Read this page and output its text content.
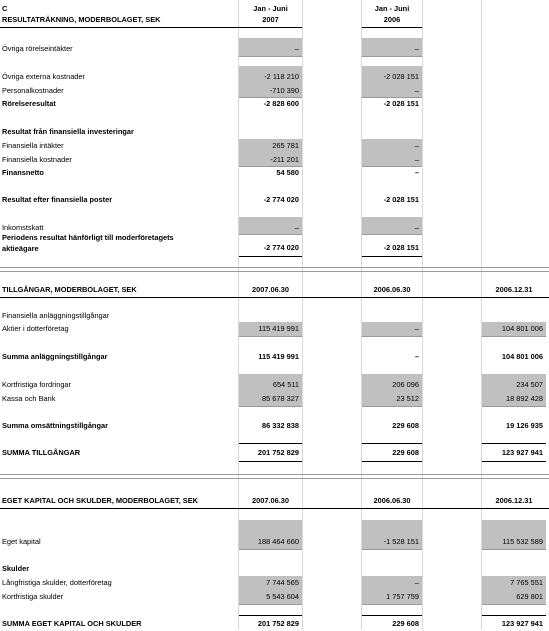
C	Jan - Juni	Jan - Juni
RESULTATRÄKNING, MODERBOLAGET, SEK	2007	2006
Övriga rörelseintäkter	–	–
Övriga externa kostnader	-2 118 210	-2 028 151
Personalkostnader	-710 390	–
Rörelseresultat	-2 828 600	-2 028 151
Resultat från finansiella investeringar
Finansiella intäkter	265 781	–
Finansiella kostnader	-211 201	–
Finansnetto	54 580	–
Resultat efter finansiella poster	-2 774 020	-2 028 151
Inkomstskatt	–	–
Periodens resultat hänförligt till moderföretagets
aktieägare	-2 774 020	-2 028 151
TILLGÅNGAR, MODERBOLAGET, SEK	2007.06.30	2006.06.30	2006.12.31
Finansiella anläggningstillgångar
Aktier i dotterföretag	115 419 991	–	104 801 006
Summa anläggningstillgångar	115 419 991	–	104 801 006
Kortfristiga fordringar	654 511	206 096	234 507
Kassa och Bank	85 678 327	23 512	18 892 428
Summa omsättningstillgångar	86 332 838	229 608	19 126 935
SUMMA TILLGÅNGAR	201 752 829	229 608	123 927 941
EGET KAPITAL OCH SKULDER, MODERBOLAGET, SEK	2007.06.30	2006.06.30	2006.12.31
Eget kapital	188 464 660	-1 528 151	115 532 589
Skulder
Långfristiga skulder, dotterföretag	7 744 565	–	7 765 551
Kortfristiga skulder	5 543 604	1 757 759	629 801
SUMMA EGET KAPITAL OCH SKULDER	201 752 829	229 608	123 927 941
